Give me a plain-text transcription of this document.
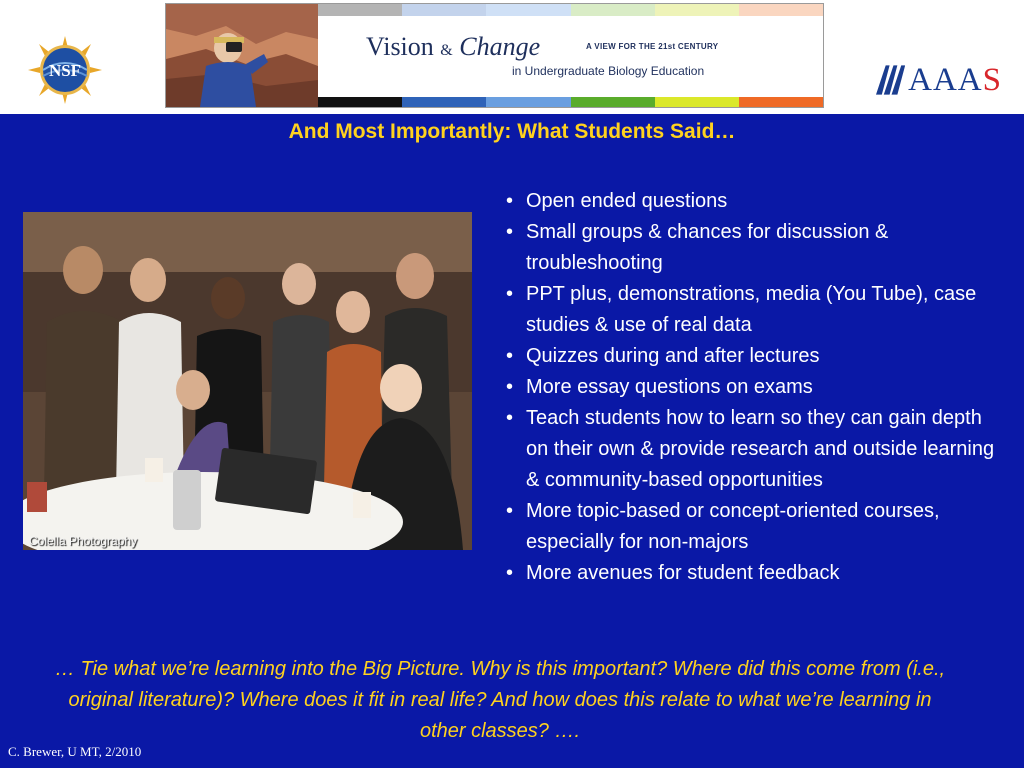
NSF
Vision & Change	A VIEW FOR THE 21st CENTURY
in Undergraduate Biology Education	AAAS
And Most Importantly: What Students Said…
Colella Photography
• Open ended questions
• Small groups & chances for discussion & troubleshooting
• PPT plus, demonstrations, media (You Tube), case studies & use of real data
• Quizzes during and after lectures
• More essay questions on exams
• Teach students how to learn so they can gain depth on their own & provide research and outside learning & community-based opportunities
• More topic-based or concept-oriented courses, especially for non-majors
• More avenues for student feedback
… Tie what we’re learning into the Big Picture. Why is this important? Where did this come from (i.e., original literature)? Where does it fit in real life? And how does this relate to what we’re learning in other classes? ….
C. Brewer, U MT, 2/2010
